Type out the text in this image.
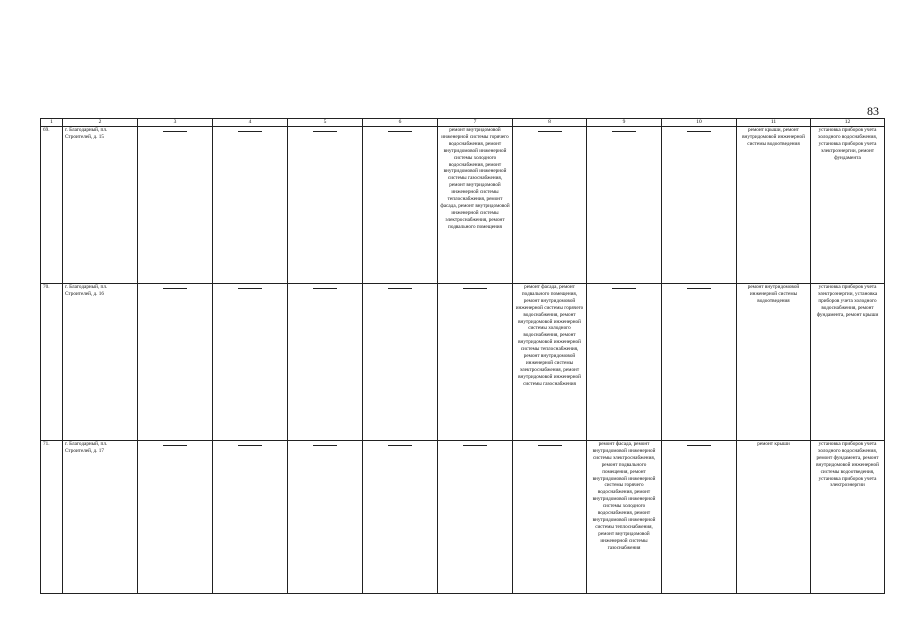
83
1	2	3	4	5	6	7	8	9	10	11	12
69.	г. Благодарный, пл. Строителей, д. 15					ремонт внутридомовой инженерной системы горячего водоснабжения, ремонт внутридомовой инженерной системы холодного водоснабжения, ремонт внутридомовой инженерной системы газоснабжения, ремонт внутридомовой инженерной системы теплоснабжения, ремонт фасада, ремонт внутридомовой инженерной системы электроснабжения, ремонт подвального помещения				ремонт крыши, ремонт внутридомовой инженерной системы водоотведения	установка приборов учета холодного водоснабжения, установка приборов учета электроэнергии, ремонт фундамента
70.	г. Благодарный, пл. Строителей, д. 16						ремонт фасада, ремонт подвального помещения, ремонт внутридомовой инженерной системы горячего водоснабжения, ремонт внутридомовой инженерной системы холодного водоснабжения, ремонт внутридомовой инженерной системы теплоснабжения, ремонт внутридомовой инженерной системы электроснабжения, ремонт внутридомовой инженерной системы газоснабжения			ремонт внутридомовой инженерной системы водоотведения	установка приборов учета электроэнергии, установка приборов учета холодного водоснабжения, ремонт фундамента, ремонт крыши
71.	г. Благодарный, пл. Строителей, д. 17							ремонт фасада, ремонт внутридомовой инженерной системы электроснабжения, ремонт подвального помещения, ремонт внутридомовой инженерной системы горячего водоснабжения, ремонт внутридомовой инженерной системы холодного водоснабжения, ремонт внутридомовой инженерной системы теплоснабжения, ремонт внутридомовой инженерной системы газоснабжения		ремонт крыши	установка приборов учета холодного водоснабжения, ремонт фундамента, ремонт внутридомовой инженерной системы водоотведения, установка приборов учета электроэнергии
